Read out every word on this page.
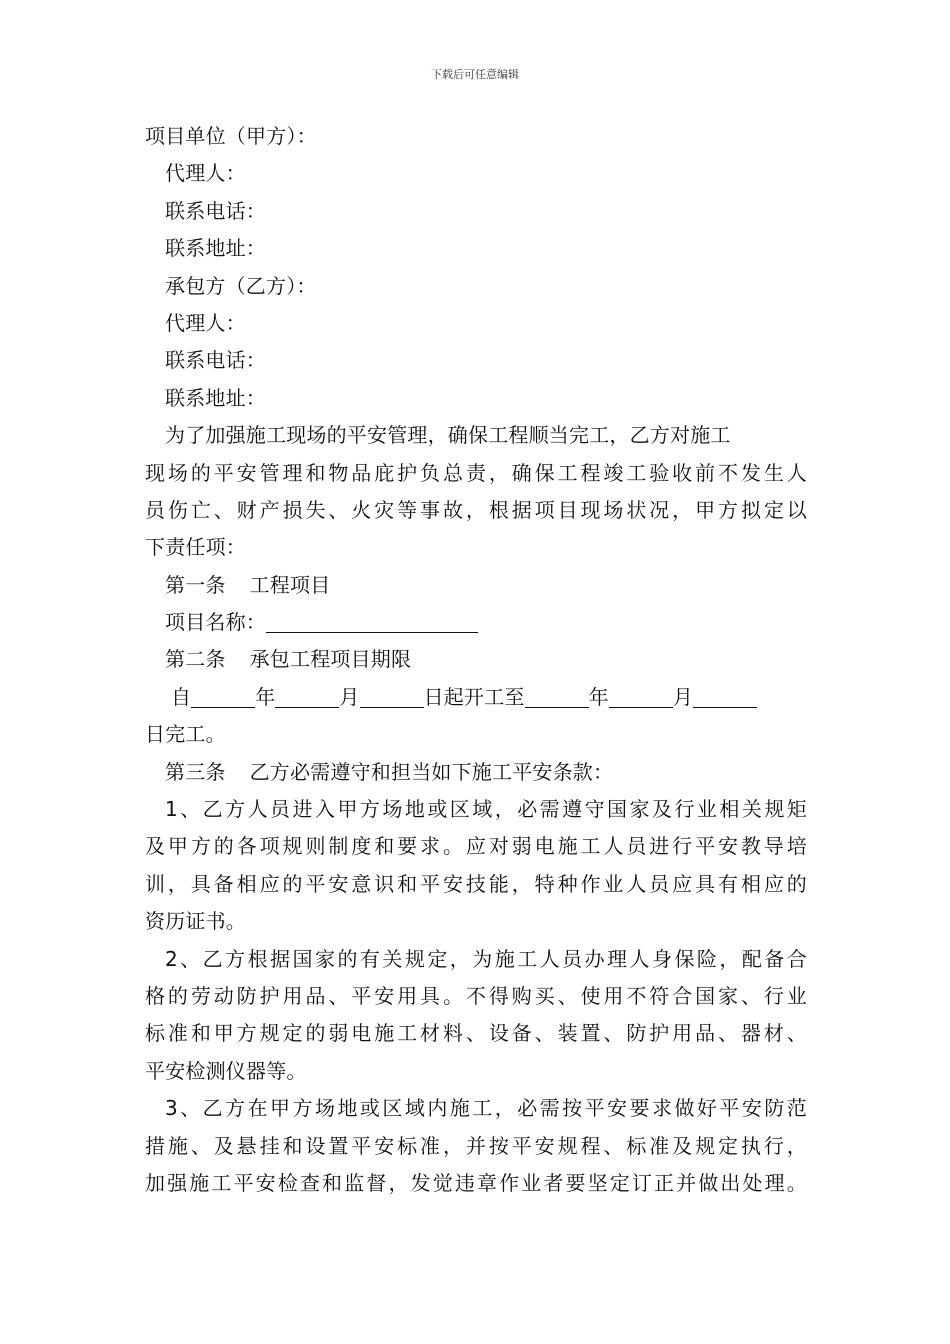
下载后可任意编辑
项目单位（甲方）：
代理人：
联系电话：
联系地址：
承包方（乙方）：
代理人：
联系电话：
联系地址：
为了加强施工现场的平安管理，确保工程顺当完工，乙方对施工
现场的平安管理和物品庇护负总责，确保工程竣工验收前不发生人
员伤亡、财产损失、火灾等事故，根据项目现场状况，甲方拟定以
下责任项：
第一条 工程项目
项目名称：
第二条 承包工程项目期限
自	年	月	日起开工至	年	月
日完工。
第三条 乙方必需遵守和担当如下施工平安条款：
1、乙方人员进入甲方场地或区域，必需遵守国家及行业相关规矩
及甲方的各项规则制度和要求。应对弱电施工人员进行平安教导培
训，具备相应的平安意识和平安技能，特种作业人员应具有相应的
资历证书。
2、乙方根据国家的有关规定，为施工人员办理人身保险，配备合
格的劳动防护用品、平安用具。不得购买、使用不符合国家、行业
标准和甲方规定的弱电施工材料、设备、装置、防护用品、器材、
平安检测仪器等。
3、乙方在甲方场地或区域内施工，必需按平安要求做好平安防范
措施、及悬挂和设置平安标准，并按平安规程、标准及规定执行，
加强施工平安检查和监督，发觉违章作业者要坚定订正并做出处理。
